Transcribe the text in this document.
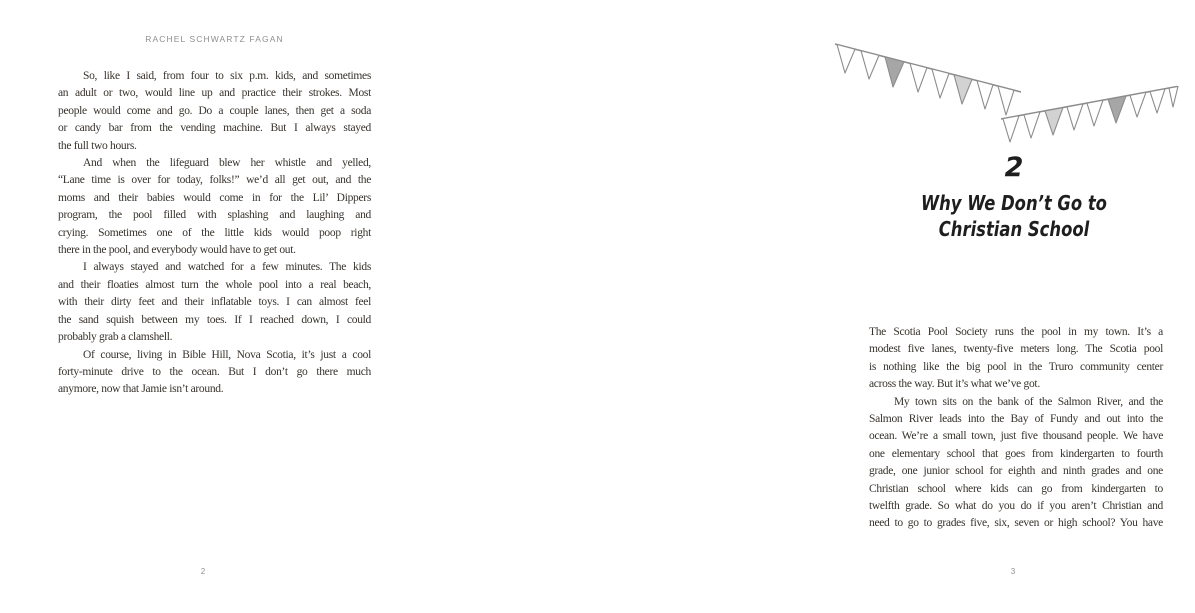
RACHEL SCHWARTZ FAGAN
So, like I said, from four to six p.m. kids, and sometimes
an adult or two, would line up and practice their strokes. Most
people would come and go. Do a couple lanes, then get a soda
or candy bar from the vending machine. But I always stayed
the full two hours.
And when the lifeguard blew her whistle and yelled,
“Lane time is over for today, folks!” we’d all get out, and the
moms and their babies would come in for the Lil’ Dippers
program, the pool filled with splashing and laughing and
crying. Sometimes one of the little kids would poop right
there in the pool, and everybody would have to get out.
I always stayed and watched for a few minutes. The kids
and their floaties almost turn the whole pool into a real beach,
with their dirty feet and their inflatable toys. I can almost feel
the sand squish between my toes. If I reached down, I could
probably grab a clamshell.
Of course, living in Bible Hill, Nova Scotia, it’s just a cool
forty-minute drive to the ocean. But I don’t go there much
anymore, now that Jamie isn’t around.
2
2
Why We Don’t Go to
Christian School
The Scotia Pool Society runs the pool in my town. It’s a
modest five lanes, twenty-five meters long. The Scotia pool
is nothing like the big pool in the Truro community center
across the way. But it’s what we’ve got.
My town sits on the bank of the Salmon River, and the
Salmon River leads into the Bay of Fundy and out into the
ocean. We’re a small town, just five thousand people. We have
one elementary school that goes from kindergarten to fourth
grade, one junior school for eighth and ninth grades and one
Christian school where kids can go from kindergarten to
twelfth grade. So what do you do if you aren’t Christian and
need to go to grades five, six, seven or high school? You have
3
